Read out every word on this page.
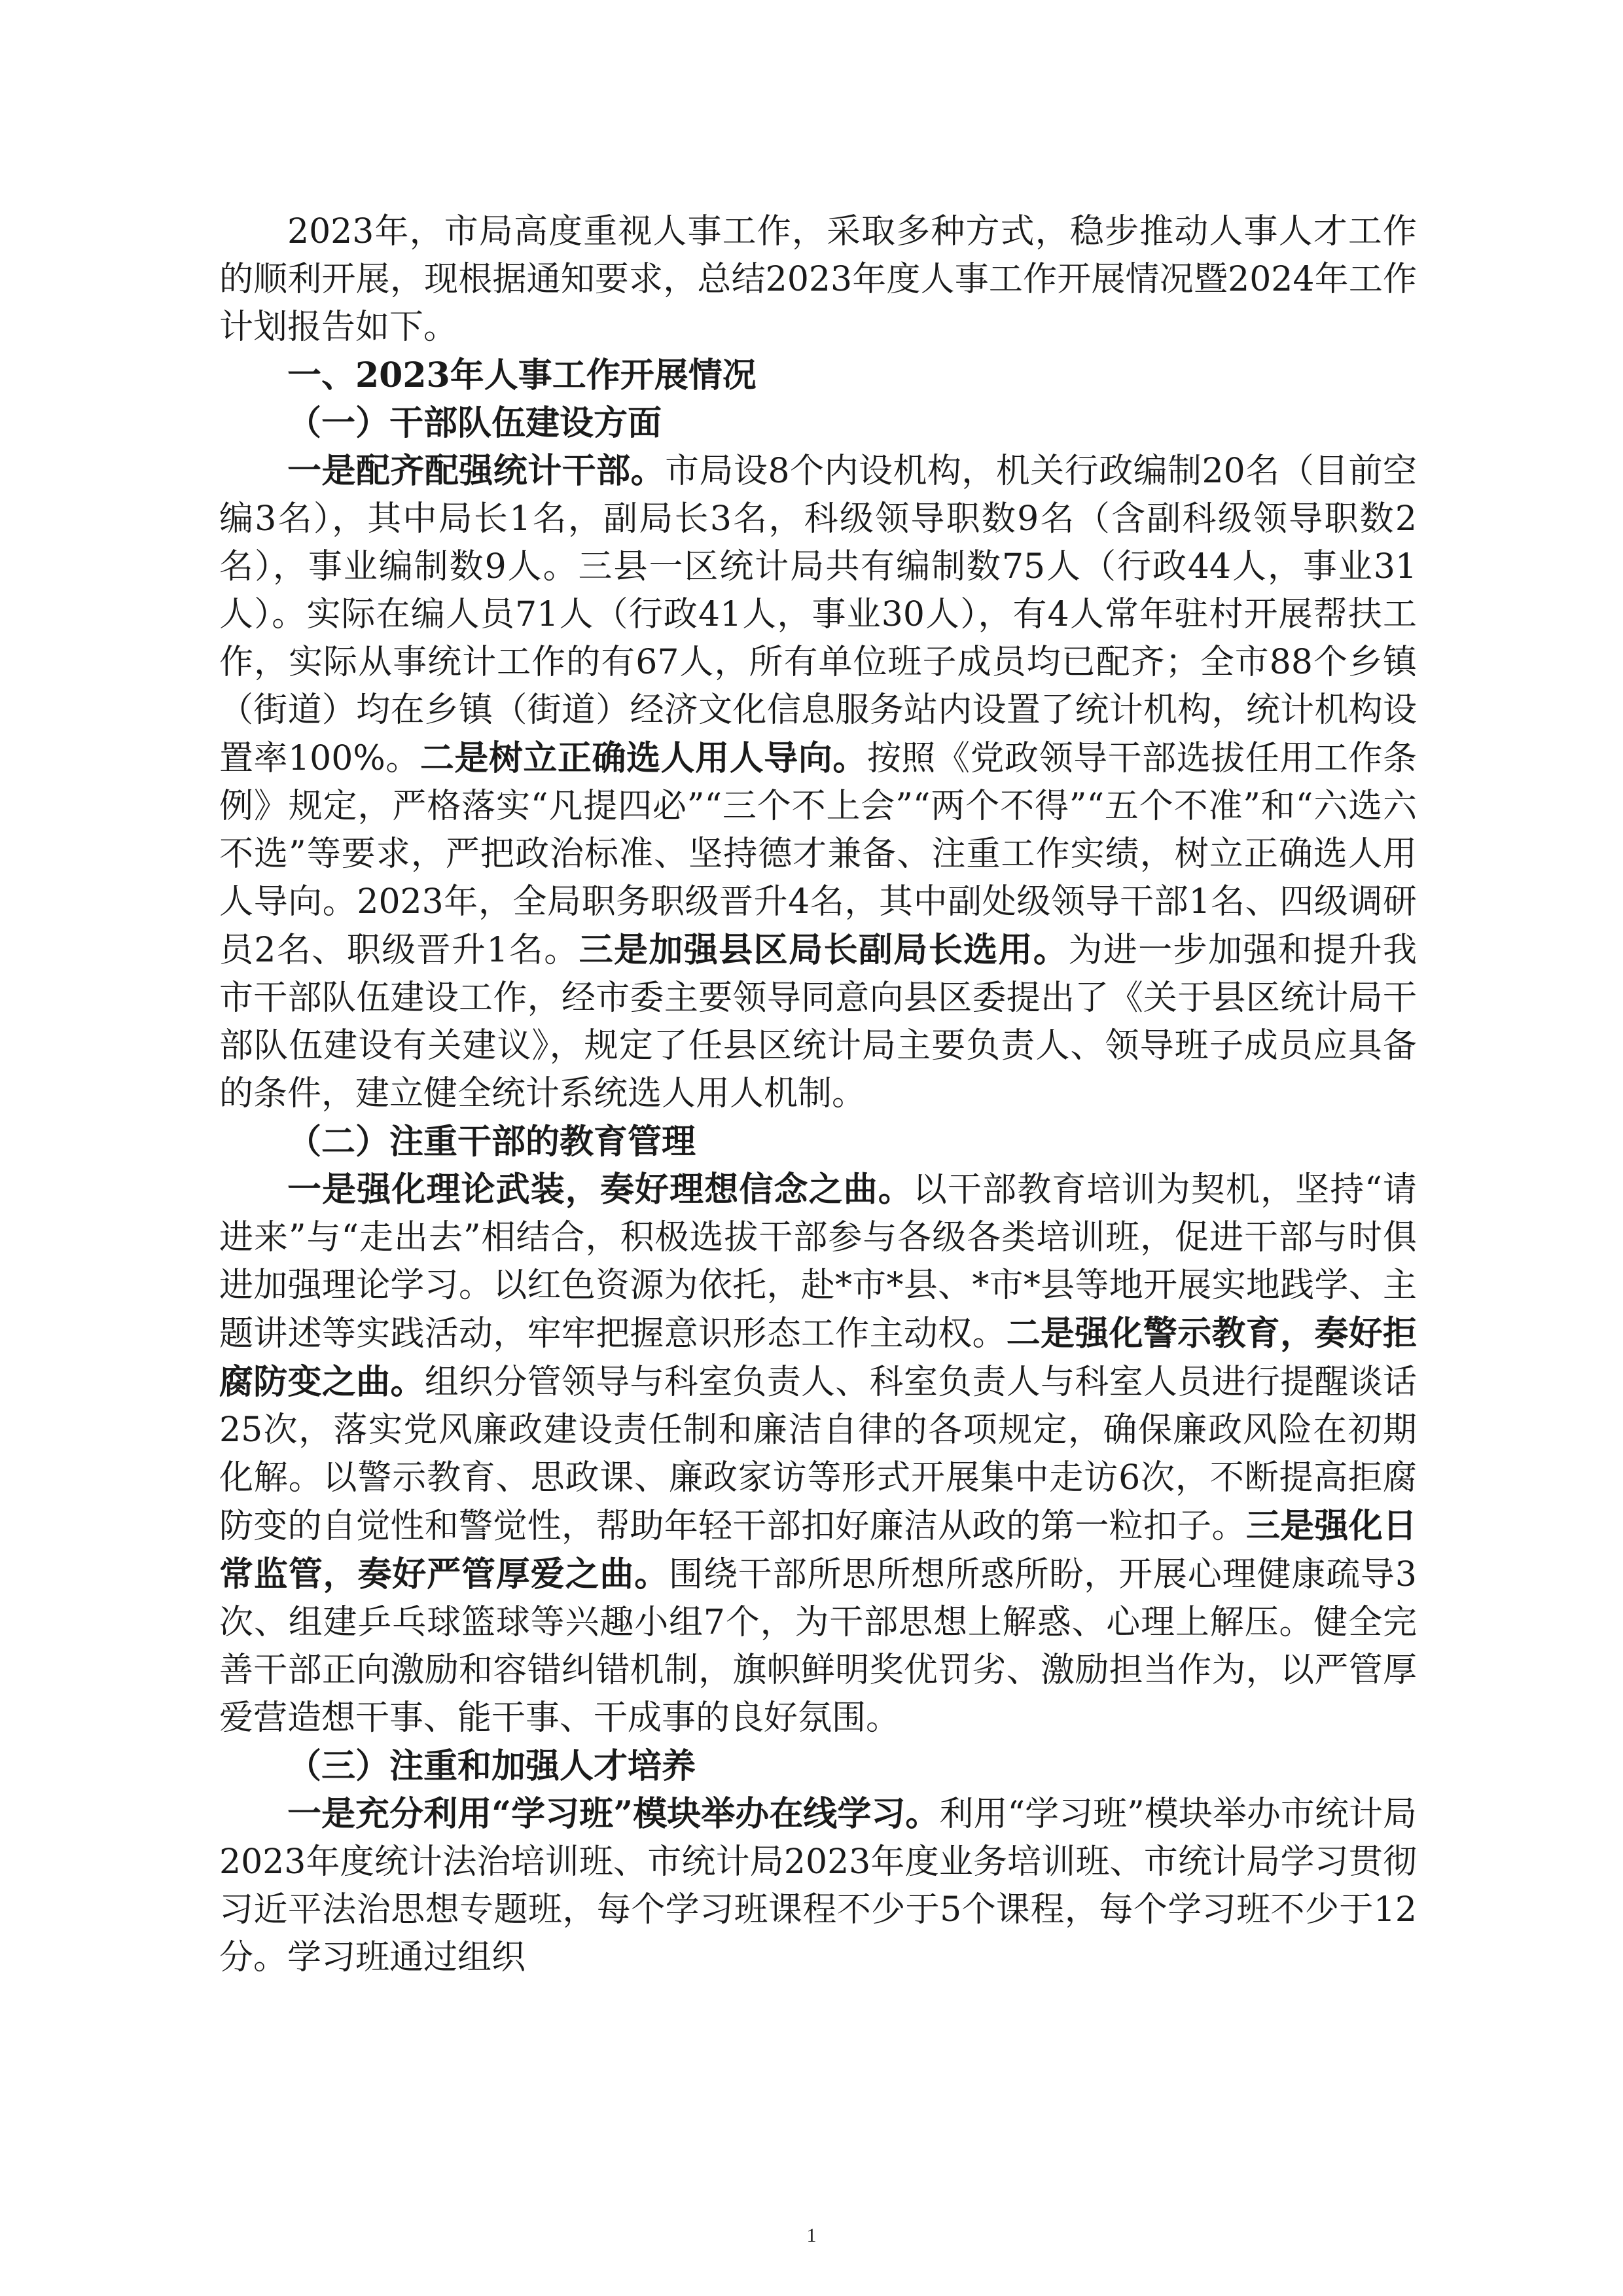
2023年，市局高度重视人事工作，采取多种方式，稳步推动人事人才工作的顺利开展，现根据通知要求，总结2023年度人事工作开展情况暨2024年工作计划报告如下。

一、2023年人事工作开展情况

（一）干部队伍建设方面

一是配齐配强统计干部。市局设8个内设机构，机关行政编制20名（目前空编3名），其中局长1名，副局长3名，科级领导职数9名（含副科级领导职数2名），事业编制数9人。三县一区统计局共有编制数75人（行政44人，事业31人）。实际在编人员71人（行政41人，事业30人），有4人常年驻村开展帮扶工作，实际从事统计工作的有67人，所有单位班子成员均已配齐；全市88个乡镇（街道）均在乡镇（街道）经济文化信息服务站内设置了统计机构，统计机构设置率100%。二是树立正确选人用人导向。按照《党政领导干部选拔任用工作条例》规定，严格落实“凡提四必”“三个不上会”“两个不得”“五个不准”和“六选六不选”等要求，严把政治标准、坚持德才兼备、注重工作实绩，树立正确选人用人导向。2023年，全局职务职级晋升4名，其中副处级领导干部1名、四级调研员2名、职级晋升1名。三是加强县区局长副局长选用。为进一步加强和提升我市干部队伍建设工作，经市委主要领导同意向县区委提出了《关于县区统计局干部队伍建设有关建议》，规定了任县区统计局主要负责人、领导班子成员应具备的条件，建立健全统计系统选人用人机制。

（二）注重干部的教育管理

一是强化理论武装，奏好理想信念之曲。以干部教育培训为契机，坚持“请进来”与“走出去”相结合，积极选拔干部参与各级各类培训班，促进干部与时俱进加强理论学习。以红色资源为依托，赴*市*县、*市*县等地开展实地践学、主题讲述等实践活动，牢牢把握意识形态工作主动权。二是强化警示教育，奏好拒腐防变之曲。组织分管领导与科室负责人、科室负责人与科室人员进行提醒谈话25次，落实党风廉政建设责任制和廉洁自律的各项规定，确保廉政风险在初期化解。以警示教育、思政课、廉政家访等形式开展集中走访6次，不断提高拒腐防变的自觉性和警觉性，帮助年轻干部扣好廉洁从政的第一粒扣子。三是强化日常监管，奏好严管厚爱之曲。围绕干部所思所想所惑所盼，开展心理健康疏导3次、组建乒乓球篮球等兴趣小组7个，为干部思想上解惑、心理上解压。健全完善干部正向激励和容错纠错机制，旗帜鲜明奖优罚劣、激励担当作为，以严管厚爱营造想干事、能干事、干成事的良好氛围。

（三）注重和加强人才培养

一是充分利用“学习班”模块举办在线学习。利用“学习班”模块举办市统计局2023年度统计法治培训班、市统计局2023年度业务培训班、市统计局学习贯彻习近平法治思想专题班，每个学习班课程不少于5个课程，每个学习班不少于12分。学习班通过组织

1
